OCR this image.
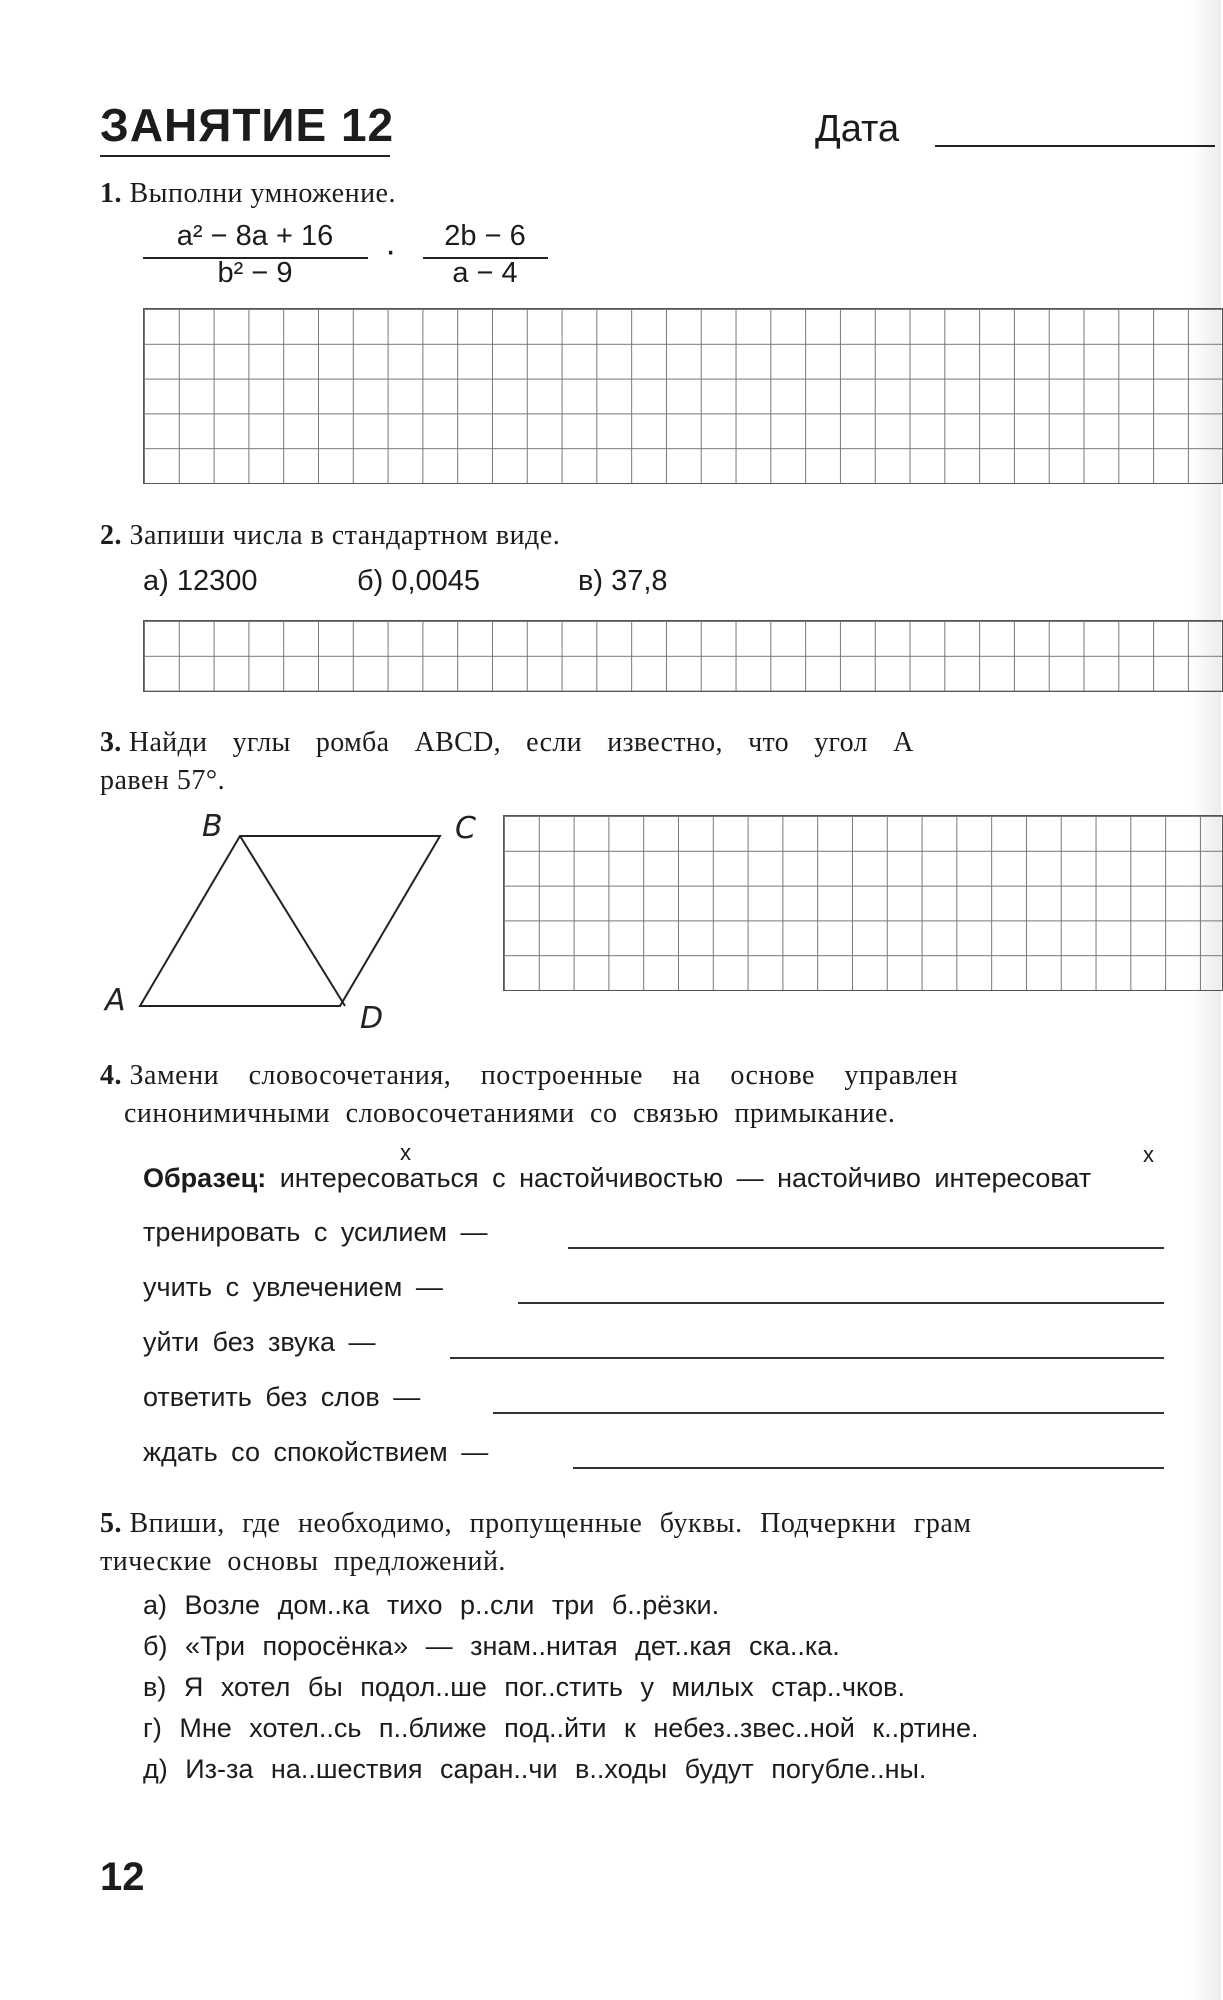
ЗАНЯТИЕ 12	Дата
1. Выполни умножение.
a² − 8a + 16
b² − 9
·	2b − 6
a − 4
2. Запиши числа в стандартном виде.
а) 12300	б) 0,0045	в) 37,8
3. Найди углы ромба ABCD, если известно, что угол A
равен 57°.
A
B	C
D
4. Замени словосочетания, построенные на основе управлен
синонимичными словосочетаниями со связью примыкание.
x	x
Образец: интересоваться с настойчивостью — настойчиво интересоват
тренировать с усилием —
учить с увлечением —
уйти без звука —
ответить без слов —
ждать со спокойствием —
5. Впиши, где необходимо, пропущенные буквы. Подчеркни грам
тические основы предложений.
а) Возле дом..ка тихо р..сли три б..рёзки.
б) «Три поросёнка» — знам..нитая дет..кая ска..ка.
в) Я хотел бы подол..ше пог..стить у милых стар..чков.
г) Мне хотел..сь п..ближе под..йти к небез..звес..ной к..ртине.
д) Из-за на..шествия саран..чи в..ходы будут погубле..ны.
12
